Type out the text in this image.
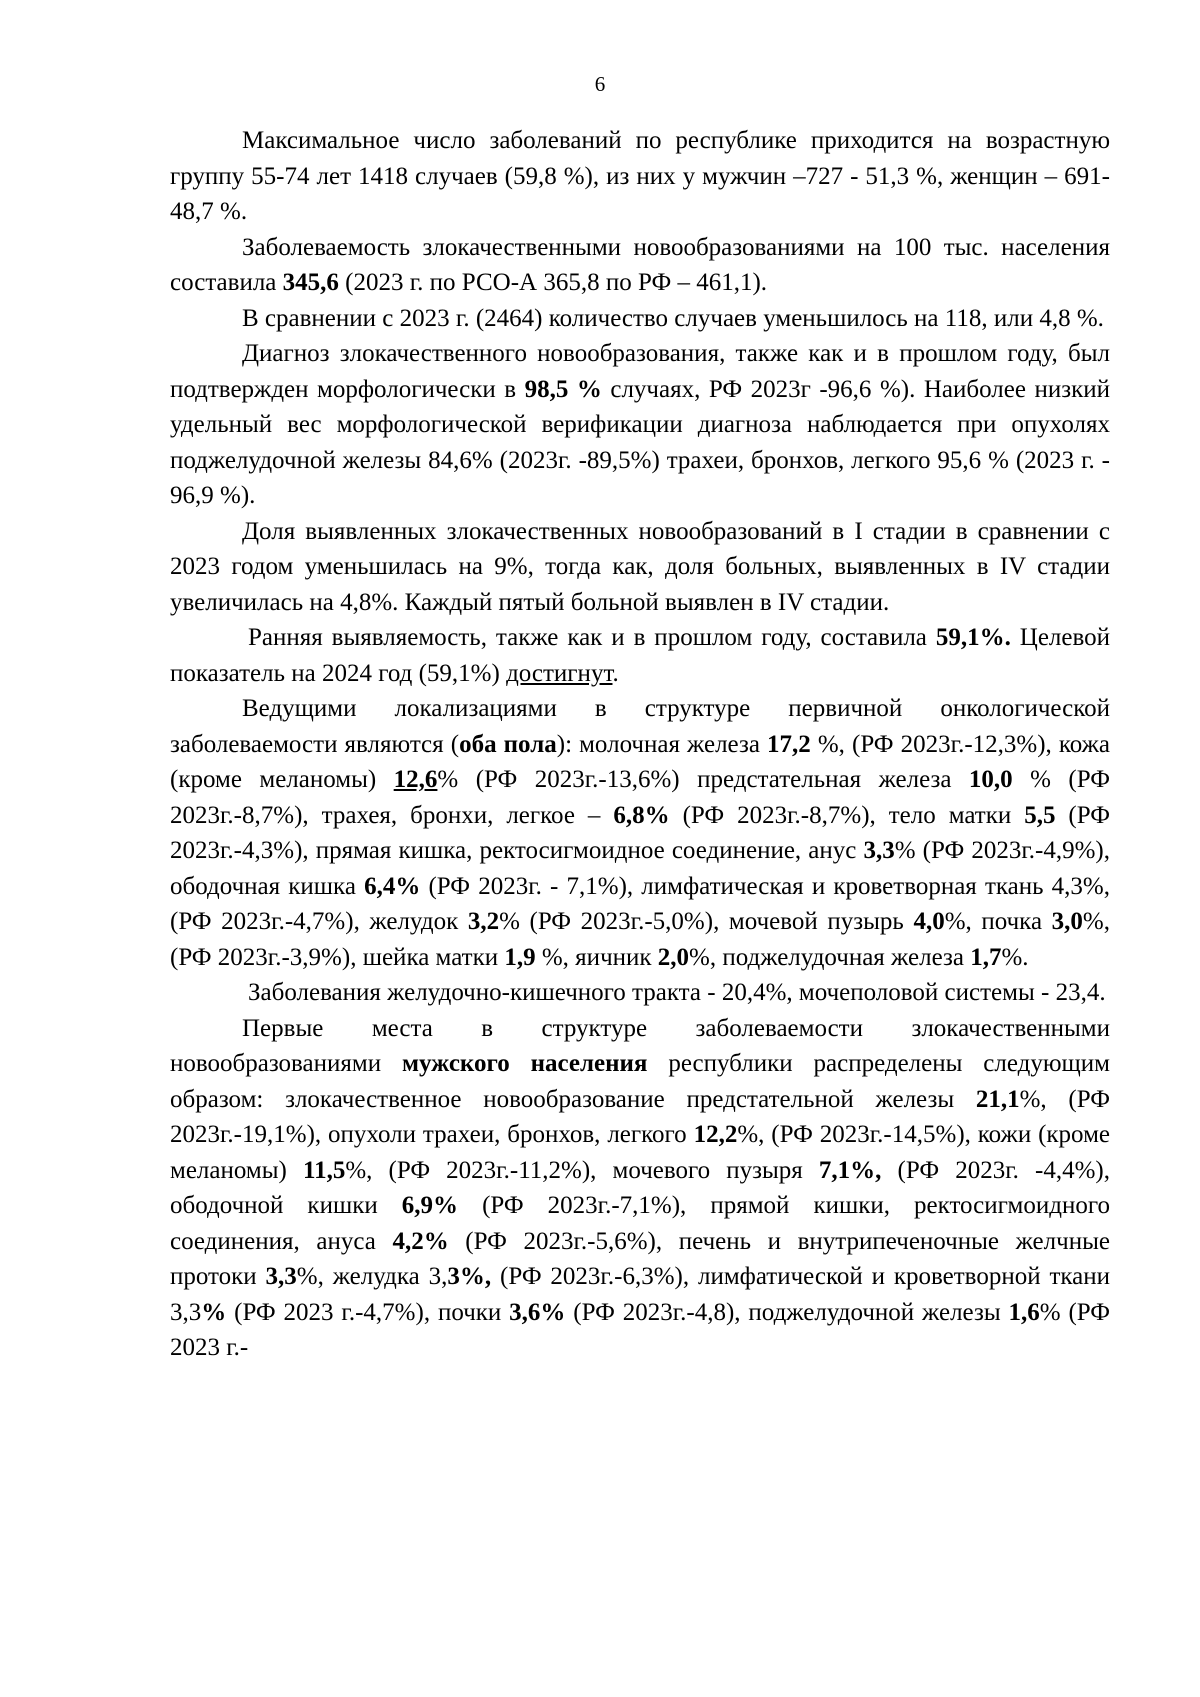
6

Максимальное число заболеваний по республике приходится на возрастную группу 55-74 лет 1418 случаев (59,8 %), из них у мужчин –727 - 51,3 %, женщин – 691- 48,7 %.

Заболеваемость злокачественными новообразованиями на 100 тыс. населения составила 345,6 (2023 г. по РСО-А 365,8 по РФ – 461,1).

В сравнении с 2023 г. (2464) количество случаев уменьшилось на 118, или 4,8 %.

Диагноз злокачественного новообразования, также как и в прошлом году, был подтвержден морфологически в 98,5 % случаях, РФ 2023г -96,6 %). Наиболее низкий удельный вес морфологической верификации диагноза наблюдается при опухолях поджелудочной железы 84,6% (2023г. -89,5%) трахеи, бронхов, легкого 95,6 % (2023 г. - 96,9 %).

Доля выявленных злокачественных новообразований в I стадии в сравнении с 2023 годом уменьшилась на 9%, тогда как, доля больных, выявленных в IV стадии увеличилась на 4,8%. Каждый пятый больной выявлен в IV стадии.

Ранняя выявляемость, также как и в прошлом году, составила 59,1%. Целевой показатель на 2024 год (59,1%) достигнут.

Ведущими локализациями в структуре первичной онкологической заболеваемости являются (оба пола): молочная железа 17,2 %, (РФ 2023г.-12,3%), кожа (кроме меланомы) 12,6% (РФ 2023г.-13,6%) предстательная железа 10,0 % (РФ 2023г.-8,7%), трахея, бронхи, легкое – 6,8% (РФ 2023г.-8,7%), тело матки 5,5 (РФ 2023г.-4,3%), прямая кишка, ректосигмоидное соединение, анус 3,3% (РФ 2023г.-4,9%), ободочная кишка 6,4% (РФ 2023г. - 7,1%), лимфатическая и кроветворная ткань 4,3%, (РФ 2023г.-4,7%), желудок 3,2% (РФ 2023г.-5,0%), мочевой пузырь 4,0%, почка 3,0%, (РФ 2023г.-3,9%), шейка матки 1,9 %, яичник 2,0%, поджелудочная железа 1,7%.

Заболевания желудочно-кишечного тракта - 20,4%, мочеполовой системы - 23,4.

Первые места в структуре заболеваемости злокачественными новообразованиями мужского населения республики распределены следующим образом: злокачественное новообразование предстательной железы 21,1%, (РФ 2023г.-19,1%), опухоли трахеи, бронхов, легкого 12,2%, (РФ 2023г.-14,5%), кожи (кроме меланомы) 11,5%, (РФ 2023г.-11,2%), мочевого пузыря 7,1%, (РФ 2023г. -4,4%), ободочной кишки 6,9% (РФ 2023г.-7,1%), прямой кишки, ректосигмоидного соединения, ануса 4,2% (РФ 2023г.-5,6%), печень и внутрипеченочные желчные протоки 3,3%, желудка 3,3%, (РФ 2023г.-6,3%), лимфатической и кроветворной ткани 3,3% (РФ 2023 г.-4,7%), почки 3,6% (РФ 2023г.-4,8), поджелудочной железы 1,6% (РФ 2023 г.-
